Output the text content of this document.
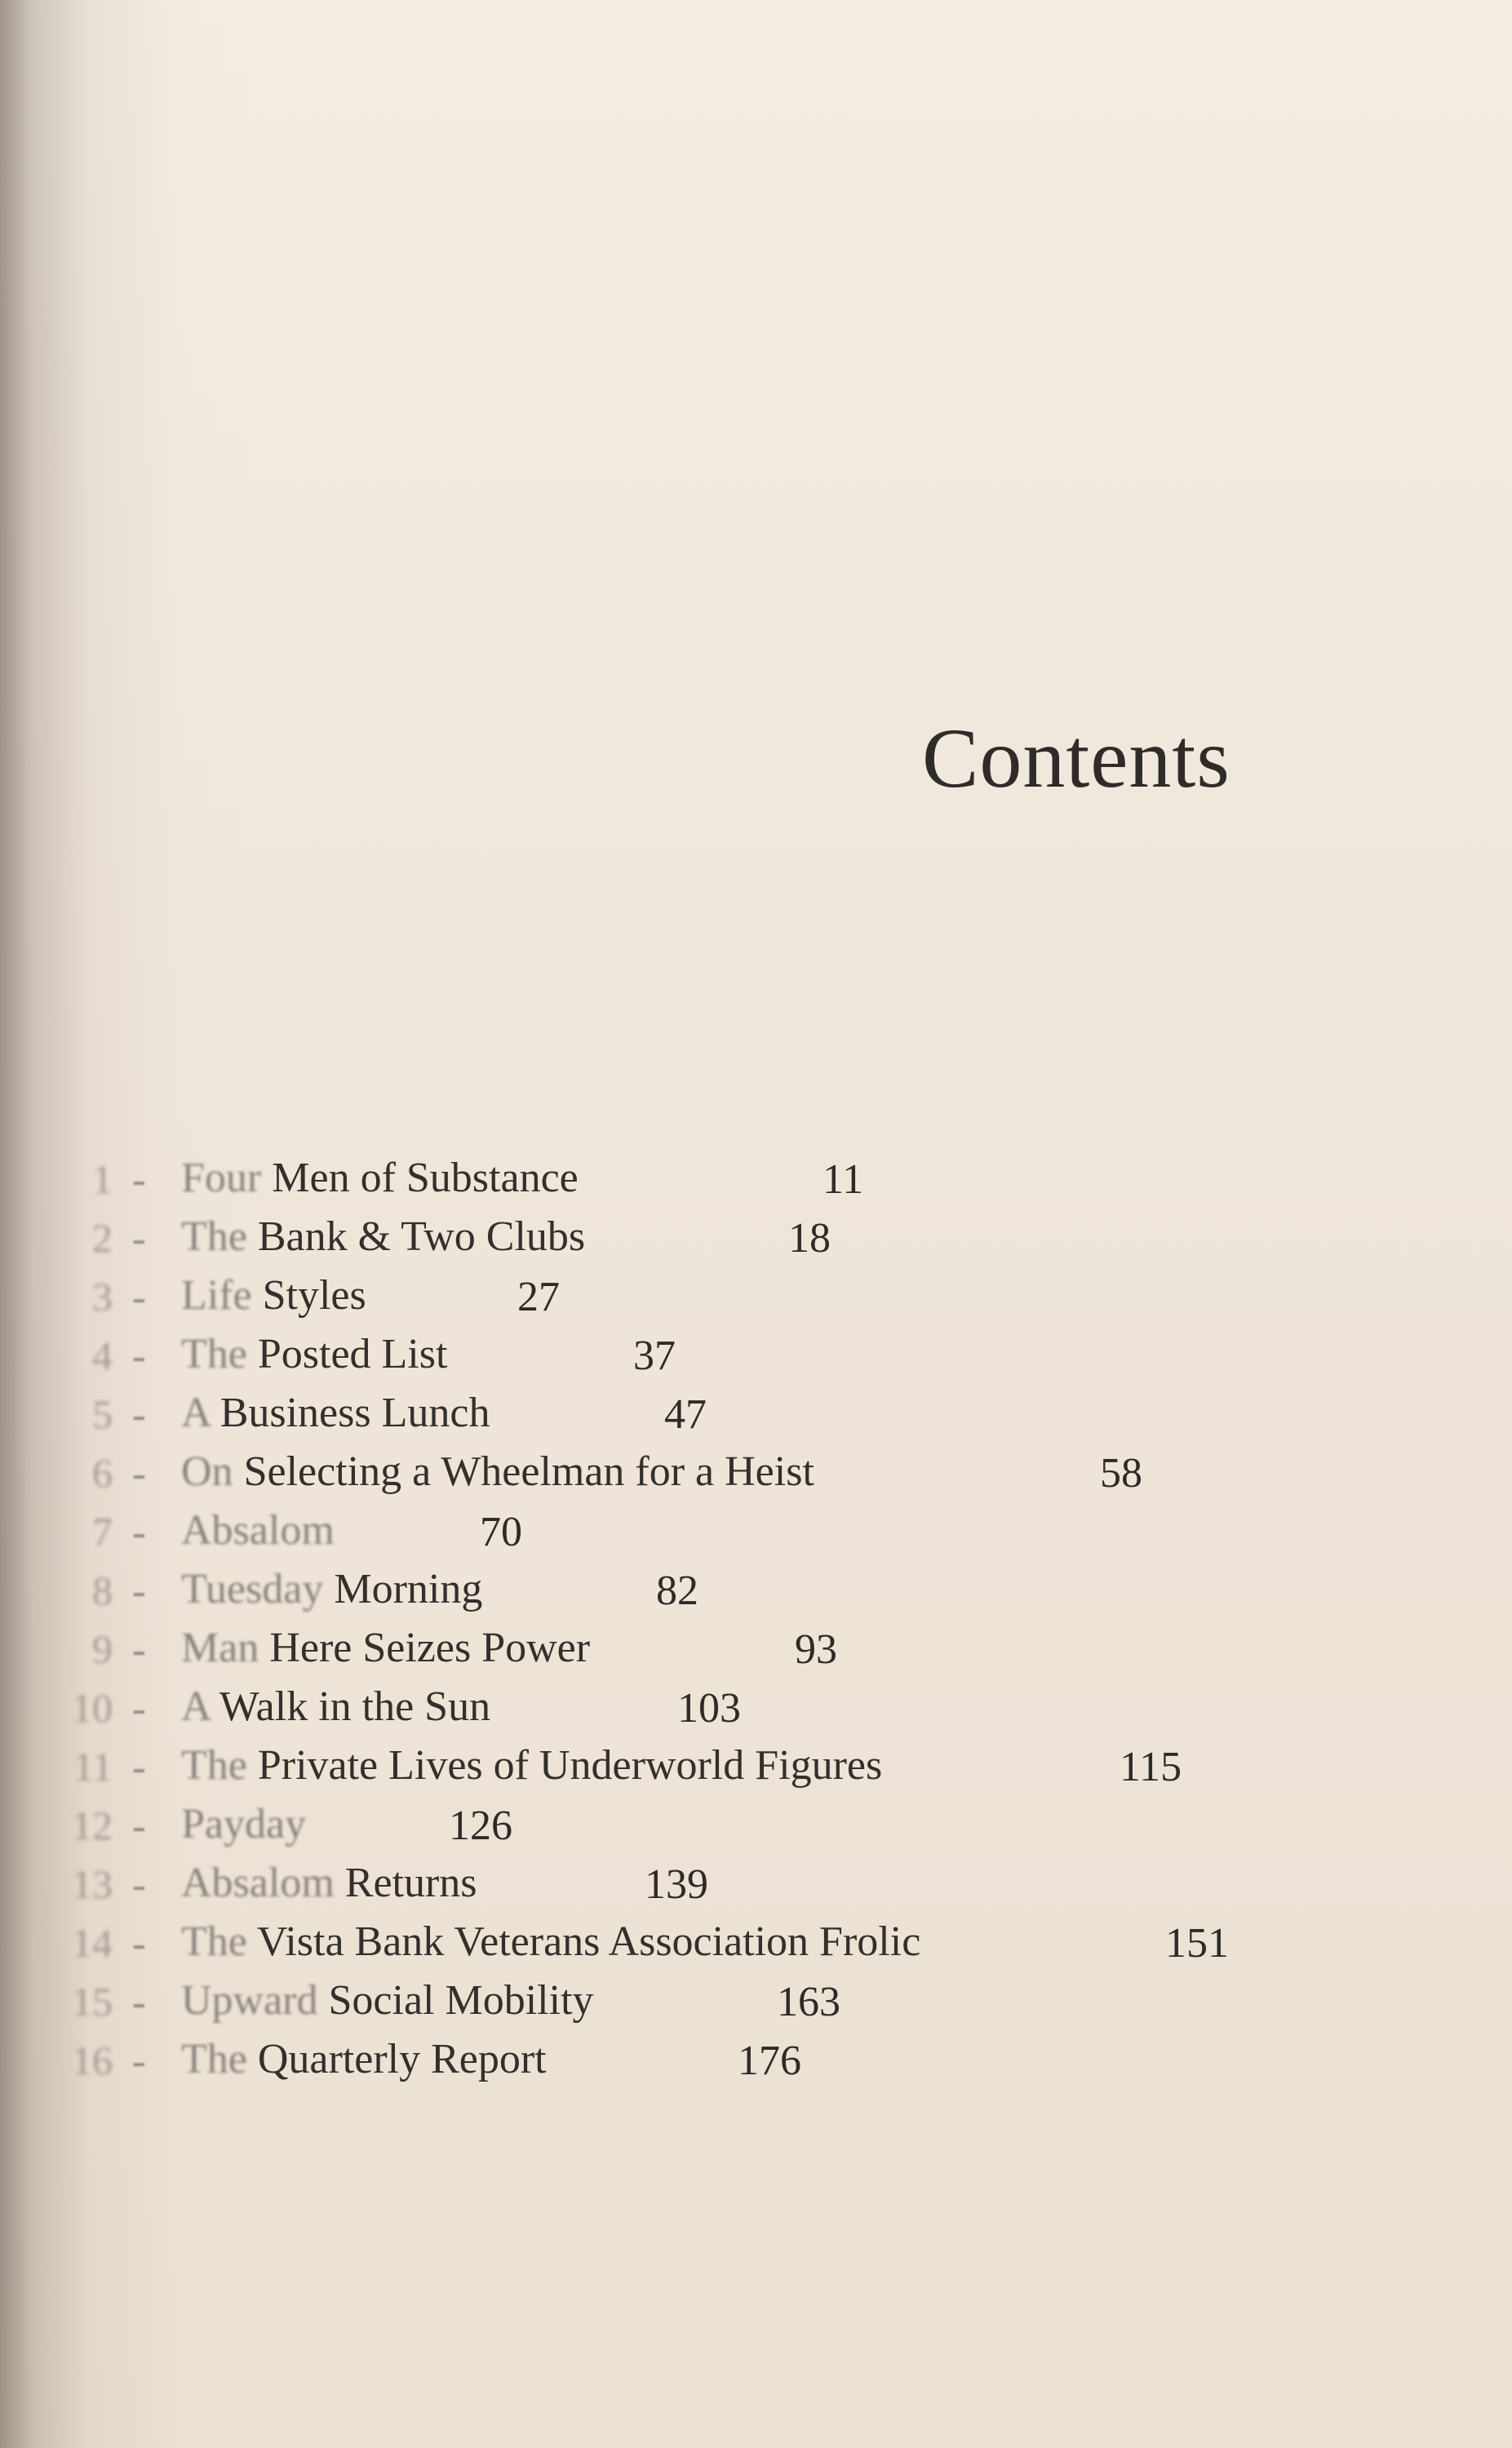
Contents
1 - Four Men of Substance	11
2 - The Bank & Two Clubs	18
3 - Life Styles	27
4 - The Posted List	37
5 - A Business Lunch	47
6 - On Selecting a Wheelman for a Heist	58
7 - Absalom	70
8 - Tuesday Morning	82
9 - Man Here Seizes Power	93
10 - A Walk in the Sun	103
11 - The Private Lives of Underworld Figures	115
12 - Payday	126
13 - Absalom Returns	139
14 - The Vista Bank Veterans Association Frolic	151
15 - Upward Social Mobility	163
16 - The Quarterly Report	176
